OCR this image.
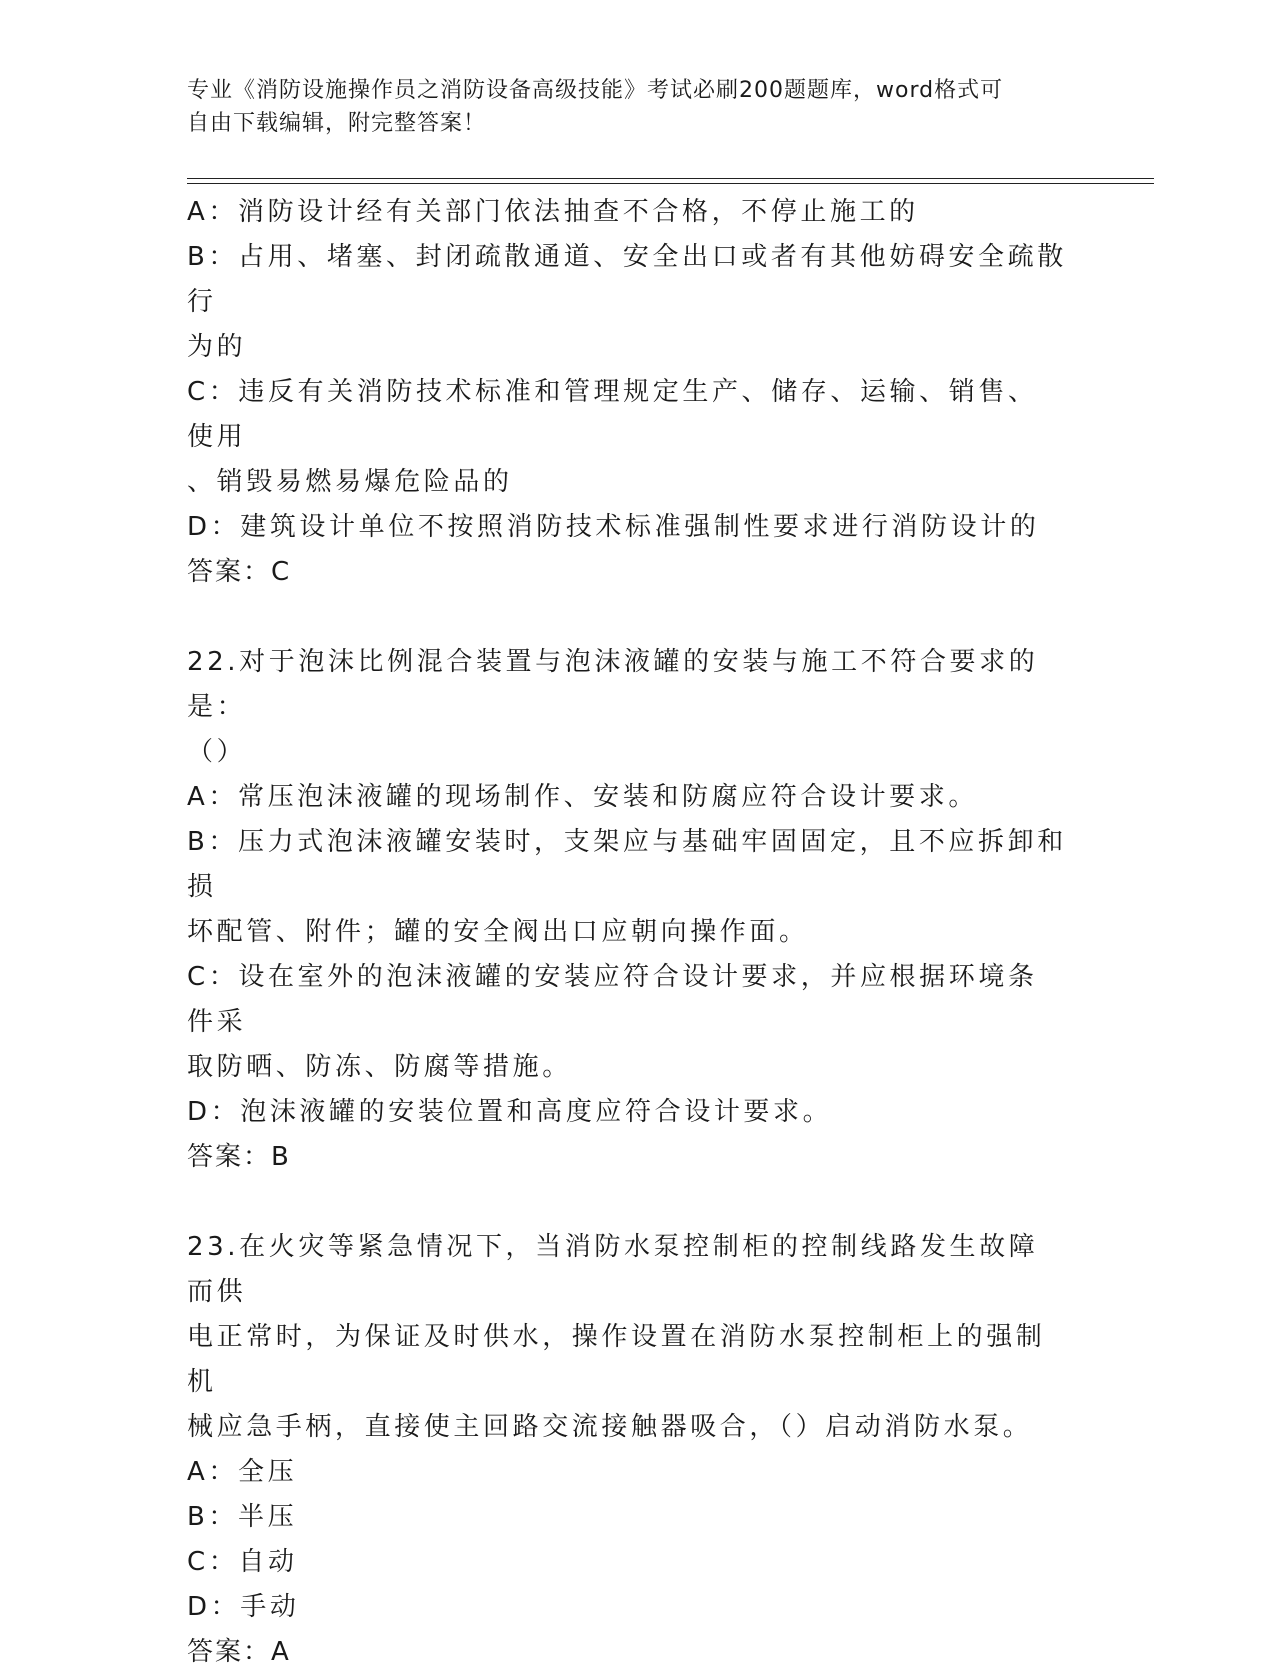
专业《消防设施操作员之消防设备高级技能》考试必刷200题题库，word格式可
自由下载编辑，附完整答案！

A：消防设计经有关部门依法抽查不合格，不停止施工的

B：占用、堵塞、封闭疏散通道、安全出口或者有其他妨碍安全疏散行

为的

C：违反有关消防技术标准和管理规定生产、储存、运输、销售、使用

、销毁易燃易爆危险品的

D：建筑设计单位不按照消防技术标准强制性要求进行消防设计的

答案：C

22.对于泡沫比例混合装置与泡沫液罐的安装与施工不符合要求的是：

（）

A：常压泡沫液罐的现场制作、安装和防腐应符合设计要求。

B：压力式泡沫液罐安装时，支架应与基础牢固固定，且不应拆卸和损

坏配管、附件；罐的安全阀出口应朝向操作面。

C：设在室外的泡沫液罐的安装应符合设计要求，并应根据环境条件采

取防晒、防冻、防腐等措施。

D：泡沫液罐的安装位置和高度应符合设计要求。

答案：B

23.在火灾等紧急情况下，当消防水泵控制柜的控制线路发生故障而供

电正常时，为保证及时供水，操作设置在消防水泵控制柜上的强制机

械应急手柄，直接使主回路交流接触器吸合，（）启动消防水泵。

A：全压

B：半压

C：自动

D：手动

答案：A
